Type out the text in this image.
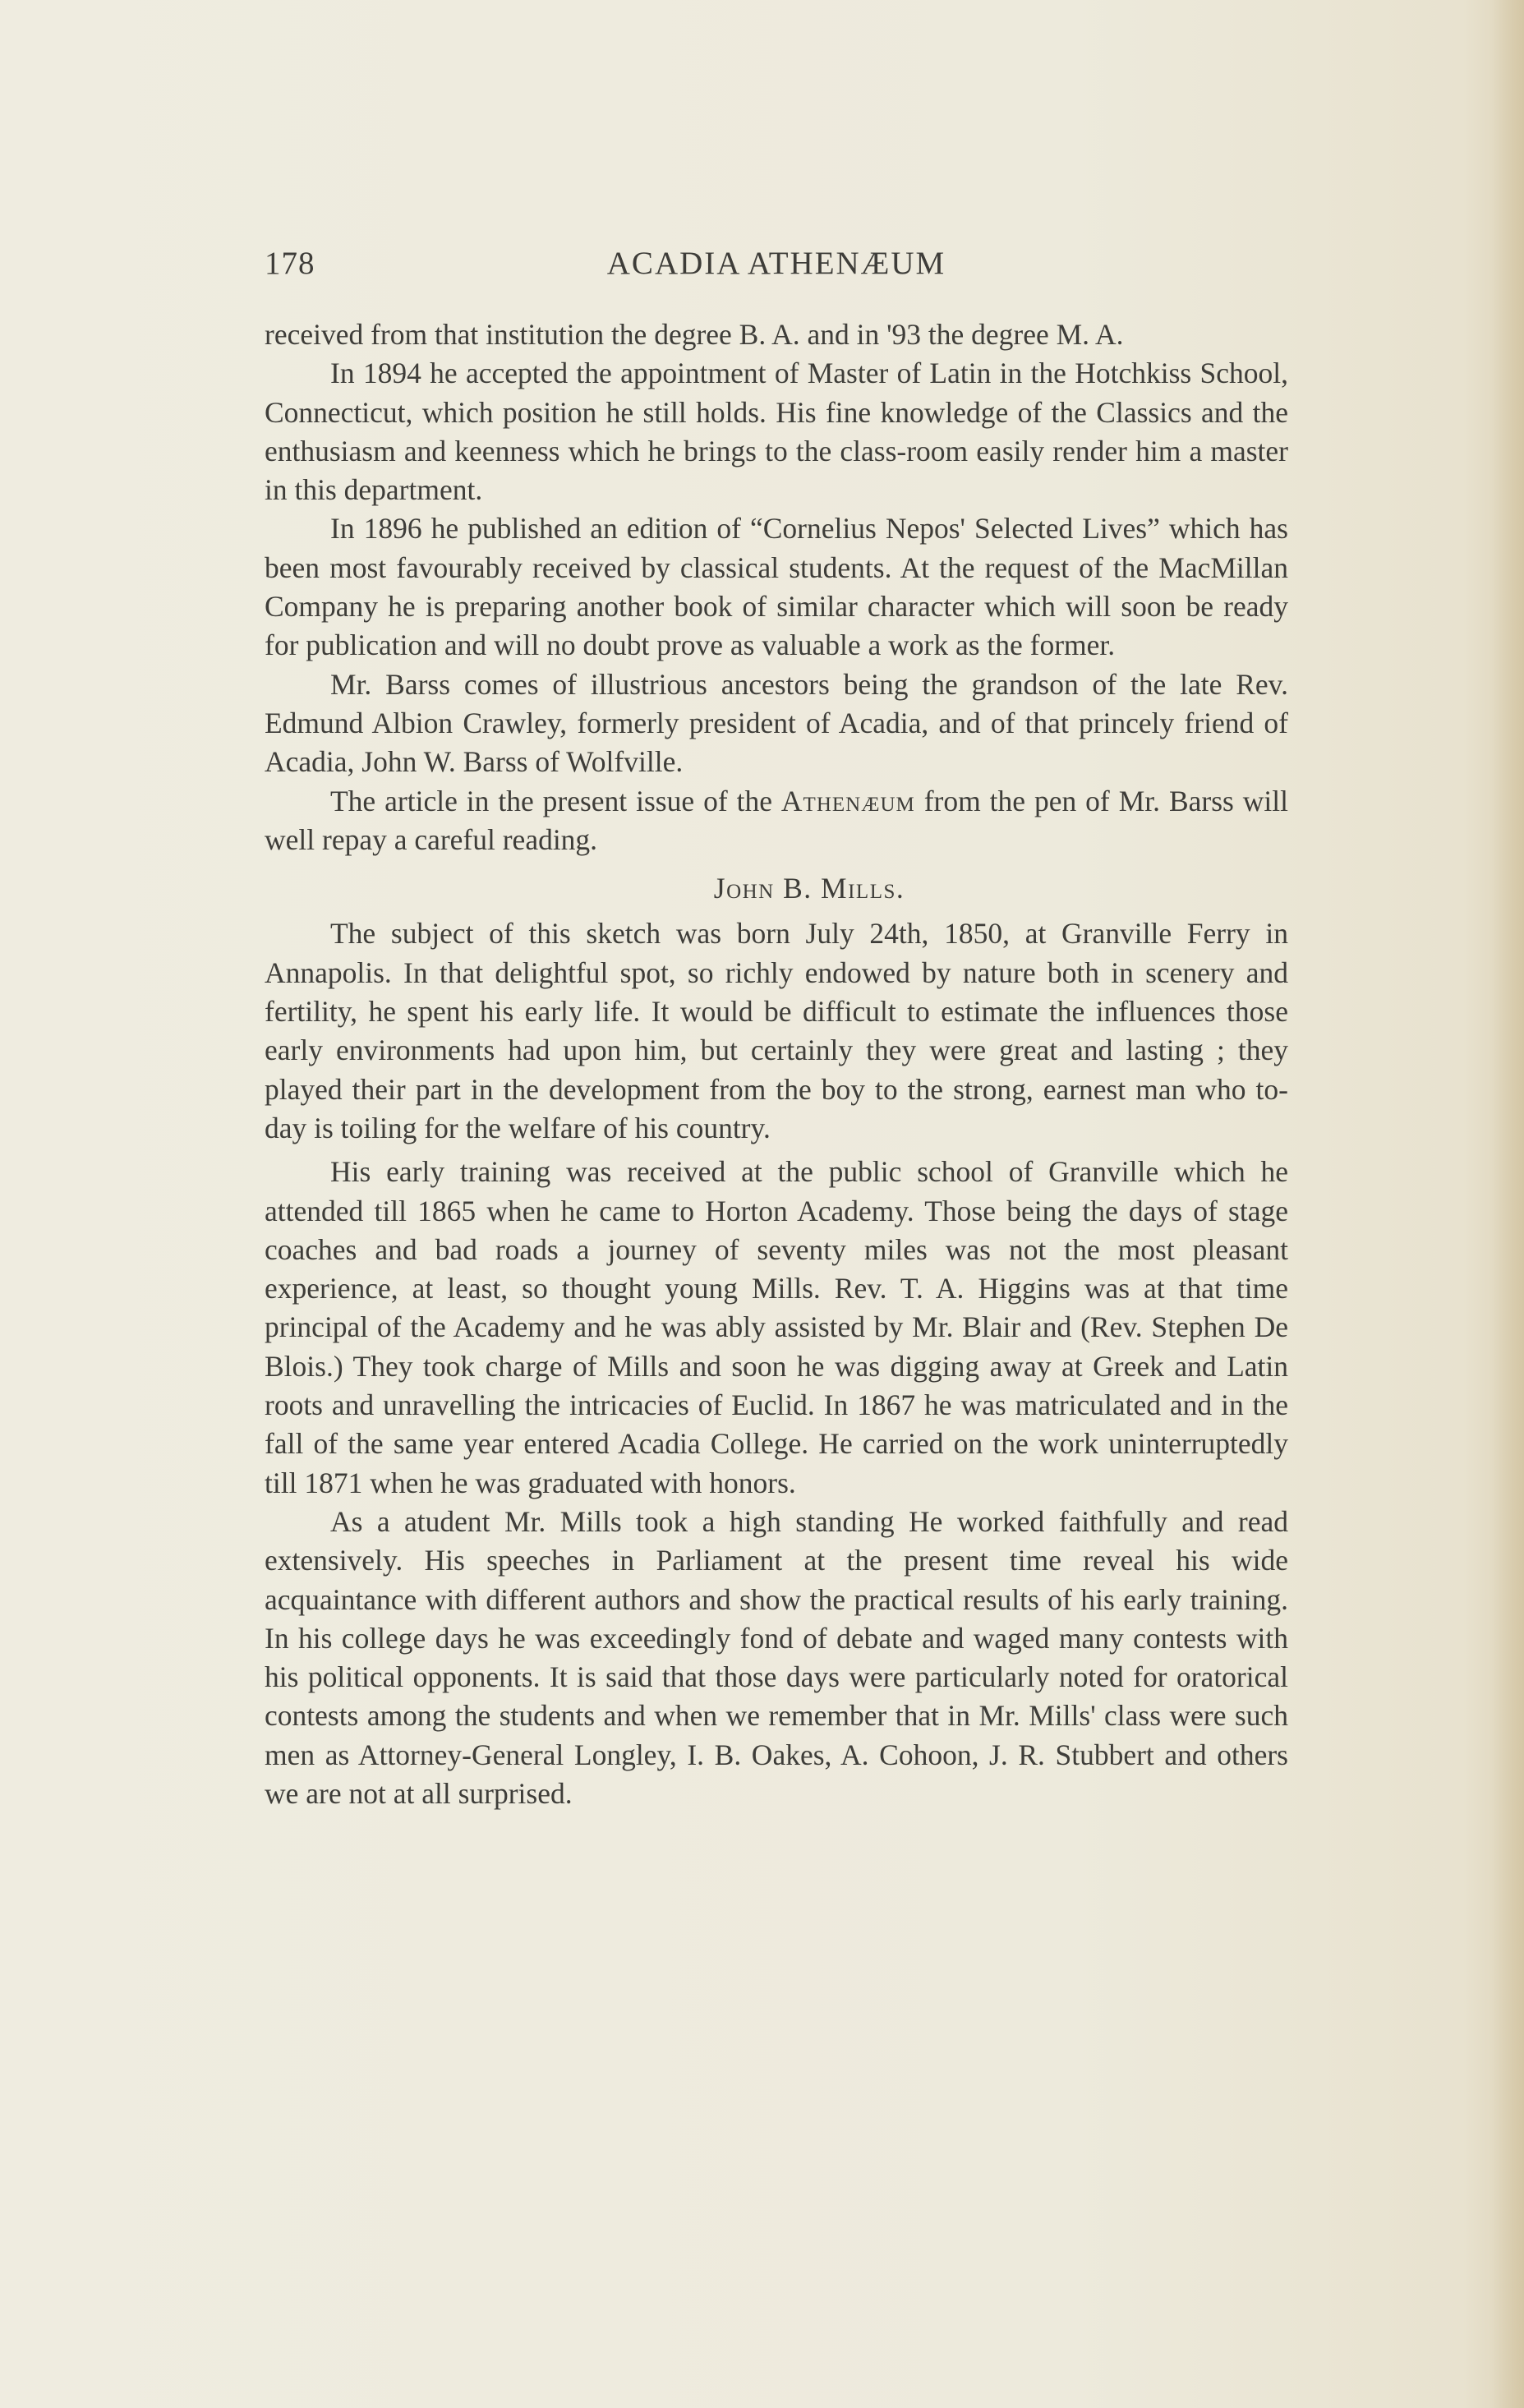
178	ACADIA ATHENÆUM

received from that institution the degree B. A. and in '93 the degree M. A.

In 1894 he accepted the appointment of Master of Latin in the Hotchkiss School, Connecticut, which position he still holds. His fine knowledge of the Classics and the enthusiasm and keenness which he brings to the class-room easily render him a master in this department.

In 1896 he published an edition of “Cornelius Nepos' Selected Lives” which has been most favourably received by classical students. At the request of the MacMillan Company he is preparing another book of similar character which will soon be ready for publication and will no doubt prove as valuable a work as the former.

Mr. Barss comes of illustrious ancestors being the grandson of the late Rev. Edmund Albion Crawley, formerly president of Acadia, and of that princely friend of Acadia, John W. Barss of Wolfville.

The article in the present issue of the Athenæum from the pen of Mr. Barss will well repay a careful reading.

John B. Mills.

The subject of this sketch was born July 24th, 1850, at Granville Ferry in Annapolis. In that delightful spot, so richly endowed by nature both in scenery and fertility, he spent his early life. It would be difficult to estimate the influences those early environments had upon him, but certainly they were great and lasting ; they played their part in the development from the boy to the strong, earnest man who to-day is toiling for the welfare of his country.

His early training was received at the public school of Granville which he attended till 1865 when he came to Horton Academy. Those being the days of stage coaches and bad roads a journey of seventy miles was not the most pleasant experience, at least, so thought young Mills. Rev. T. A. Higgins was at that time principal of the Academy and he was ably assisted by Mr. Blair and (Rev. Stephen De Blois.) They took charge of Mills and soon he was digging away at Greek and Latin roots and unravelling the intricacies of Euclid. In 1867 he was matriculated and in the fall of the same year entered Acadia College. He carried on the work uninterruptedly till 1871 when he was graduated with honors.

As a atudent Mr. Mills took a high standing He worked faithfully and read extensively. His speeches in Parliament at the present time reveal his wide acquaintance with different authors and show the practical results of his early training. In his college days he was exceedingly fond of debate and waged many contests with his political opponents. It is said that those days were particularly noted for oratorical contests among the students and when we remember that in Mr. Mills' class were such men as Attorney-General Longley, I. B. Oakes, A. Cohoon, J. R. Stubbert and others we are not at all surprised.
